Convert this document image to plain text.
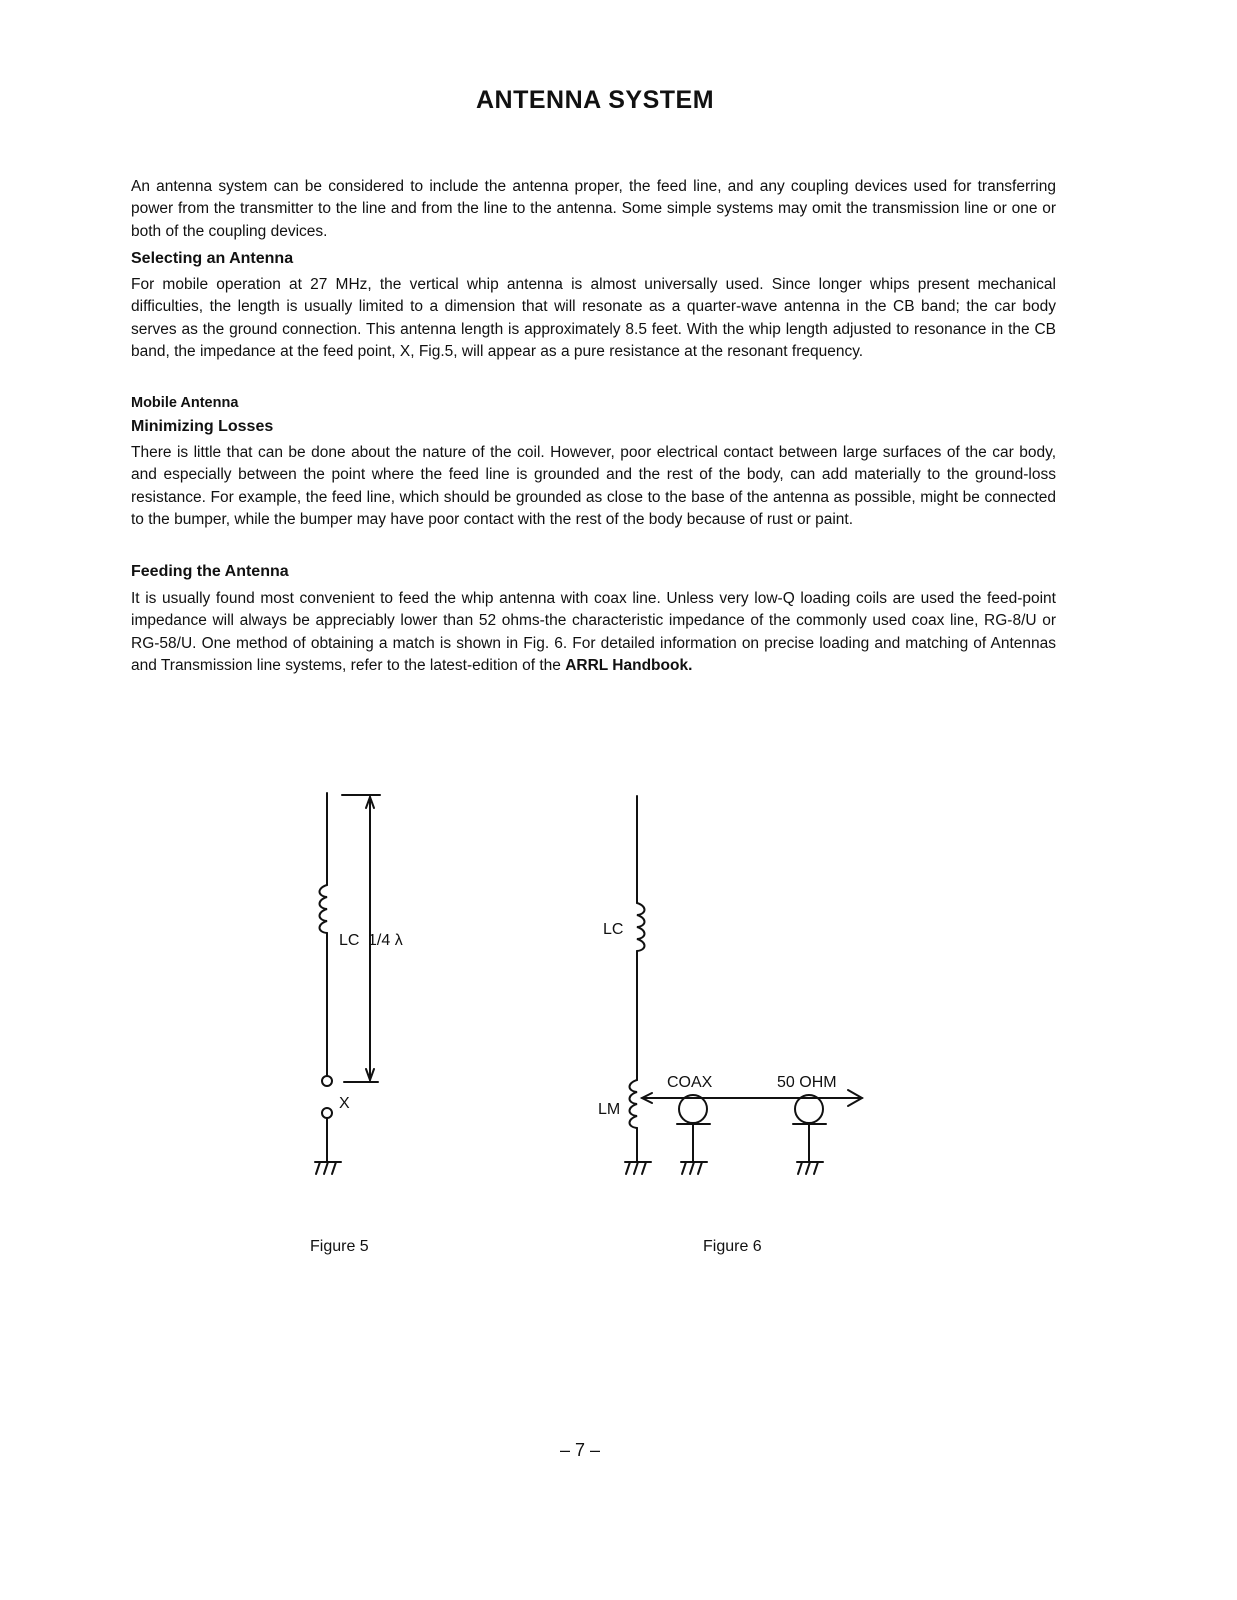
ANTENNA SYSTEM
An antenna system can be considered to include the antenna proper, the feed line, and any coupling devices used for transferring power from the transmitter to the line and from the line to the antenna. Some simple systems may omit the transmission line or one or both of the coupling devices.
Selecting an Antenna
For mobile operation at 27 MHz, the vertical whip antenna is almost universally used. Since longer whips present mechanical difficulties, the length is usually limited to a dimension that will resonate as a quarter-wave antenna in the CB band; the car body serves as the ground connection. This antenna length is approximately 8.5 feet. With the whip length adjusted to resonance in the CB band, the impedance at the feed point, X, Fig.5, will appear as a pure resistance at the resonant frequency.
Mobile Antenna
Minimizing Losses
There is little that can be done about the nature of the coil. However, poor electrical contact between large surfaces of the car body, and especially between the point where the feed line is grounded and the rest of the body, can add materially to the ground-loss resistance. For example, the feed line, which should be grounded as close to the base of the antenna as possible, might be connected to the bumper, while the bumper may have poor contact with the rest of the body because of rust or paint.
Feeding the Antenna
It is usually found most convenient to feed the whip antenna with coax line. Unless very low-Q loading coils are used the feed-point impedance will always be appreciably lower than 52 ohms-the characteristic impedance of the commonly used coax line, RG-8/U or RG-58/U. One method of obtaining a match is shown in Fig. 6. For detailed information on precise loading and matching of Antennas and Transmission line systems, refer to the latest-edition of the ARRL Handbook.
LC 1/4 λ
X
LC
LM
COAX	50 OHM
Figure 5	Figure 6
– 7 –
